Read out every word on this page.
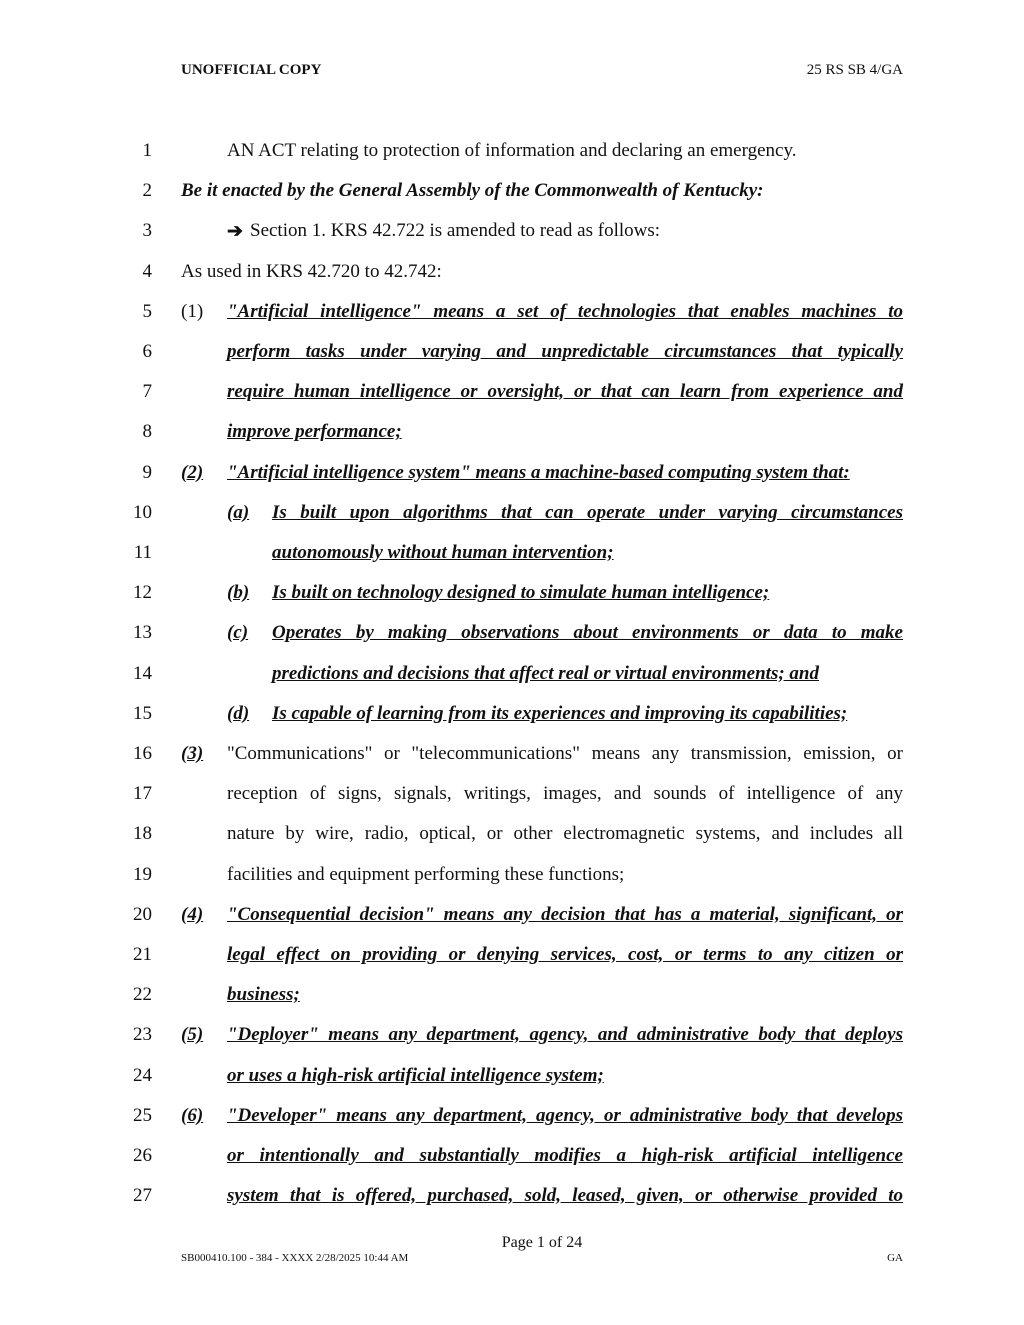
UNOFFICIAL COPY	25 RS SB 4/GA
1	AN ACT relating to protection of information and declaring an emergency.
2 Be it enacted by the General Assembly of the Commonwealth of Kentucky:
3	➔ Section 1. KRS 42.722 is amended to read as follows:
4 As used in KRS 42.720 to 42.742:
5 (1) "Artificial intelligence" means a set of technologies that enables machines to
6	perform tasks under varying and unpredictable circumstances that typically
7	require human intelligence or oversight, or that can learn from experience and
8	improve performance;
9 (2)	"Artificial intelligence system" means a machine-based computing system that:
10	(a)	Is built upon algorithms that can operate under varying circumstances
11	autonomously without human intervention;
12	(b)	Is built on technology designed to simulate human intelligence;
13	(c)	Operates by making observations about environments or data to make
14	predictions and decisions that affect real or virtual environments; and
15	(d)	Is capable of learning from its experiences and improving its capabilities;
16 (3) "Communications" or "telecommunications" means any transmission, emission, or
17	reception of signs, signals, writings, images, and sounds of intelligence of any
18	nature by wire, radio, optical, or other electromagnetic systems, and includes all
19	facilities and equipment performing these functions;
20 (4)	"Consequential decision" means any decision that has a material, significant, or
21	legal effect on providing or denying services, cost, or terms to any citizen or
22	business;
23 (5)	"Deployer" means any department, agency, and administrative body that deploys
24	or uses a high-risk artificial intelligence system;
25 (6)	"Developer" means any department, agency, or administrative body that develops
26	or intentionally and substantially modifies a high-risk artificial intelligence
27	system that is offered, purchased, sold, leased, given, or otherwise provided to
Page 1 of 24
SB000410.100 - 384 - XXXX 2/28/2025 10:44 AM	GA
